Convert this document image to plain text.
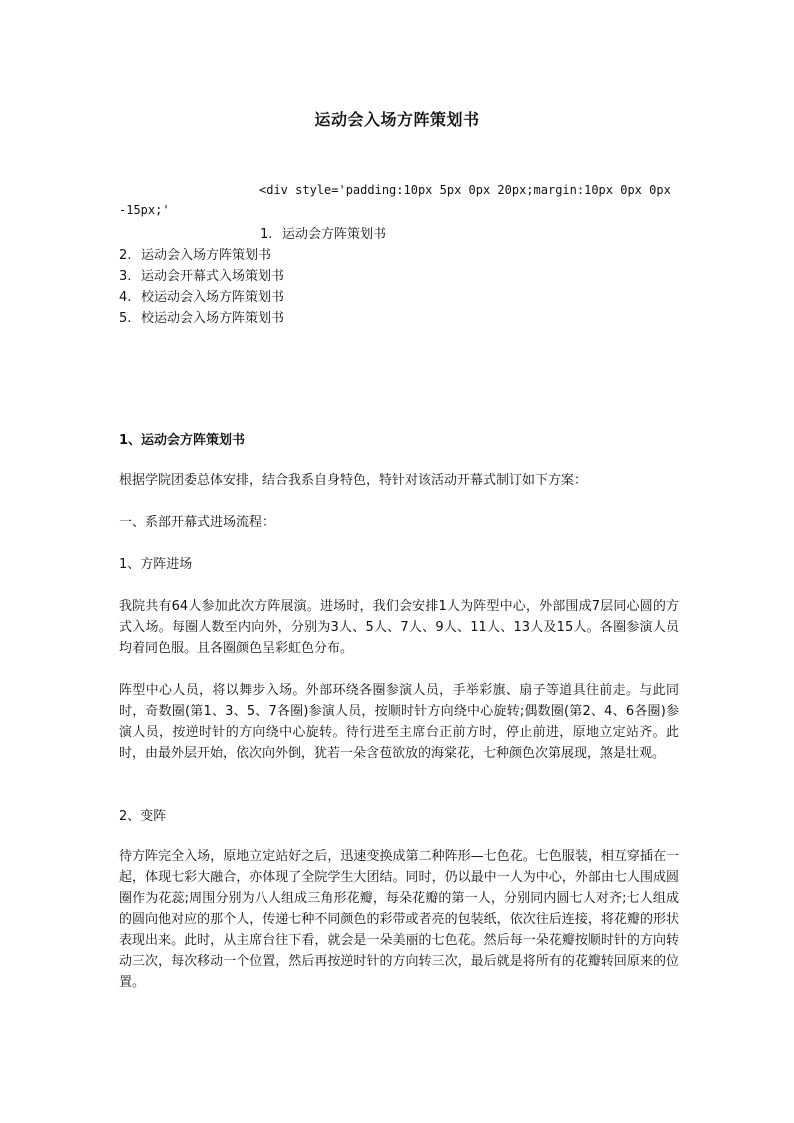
运动会入场方阵策划书
<div style='padding:10px 5px 0px 20px;margin:10px 0px 0px
-15px;'
1. 运动会方阵策划书
2. 运动会入场方阵策划书
3. 运动会开幕式入场策划书
4. 校运动会入场方阵策划书
5. 校运动会入场方阵策划书
1、运动会方阵策划书
根据学院团委总体安排，结合我系自身特色，特针对该活动开幕式制订如下方案：
一、系部开幕式进场流程：
1、方阵进场
我院共有64人参加此次方阵展演。进场时，我们会安排1人为阵型中心，外部围成7层同心圆的方式入场。每圈人数至内向外，分别为3人、5人、7人、9人、11人、13人及15人。各圈参演人员均着同色服。且各圈颜色呈彩虹色分布。
阵型中心人员，将以舞步入场。外部环绕各圈参演人员，手举彩旗、扇子等道具往前走。与此同时，奇数圈(第1、3、5、7各圈)参演人员，按顺时针方向绕中心旋转;偶数圈(第2、4、6各圈)参演人员，按逆时针的方向绕中心旋转。待行进至主席台正前方时，停止前进，原地立定站齐。此时，由最外层开始，依次向外倒，犹若一朵含苞欲放的海棠花，七种颜色次第展现，煞是壮观。
2、变阵
待方阵完全入场，原地立定站好之后，迅速变换成第二种阵形—七色花。七色服装，相互穿插在一起，体现七彩大融合，亦体现了全院学生大团结。同时，仍以最中一人为中心，外部由七人围成圆圈作为花蕊;周围分别为八人组成三角形花瓣，每朵花瓣的第一人，分别同内圆七人对齐;七人组成的圆向他对应的那个人，传递七种不同颜色的彩带或者亮的包装纸，依次往后连接，将花瓣的形状表现出来。此时，从主席台往下看，就会是一朵美丽的七色花。然后每一朵花瓣按顺时针的方向转动三次，每次移动一个位置，然后再按逆时针的方向转三次，最后就是将所有的花瓣转回原来的位置。
